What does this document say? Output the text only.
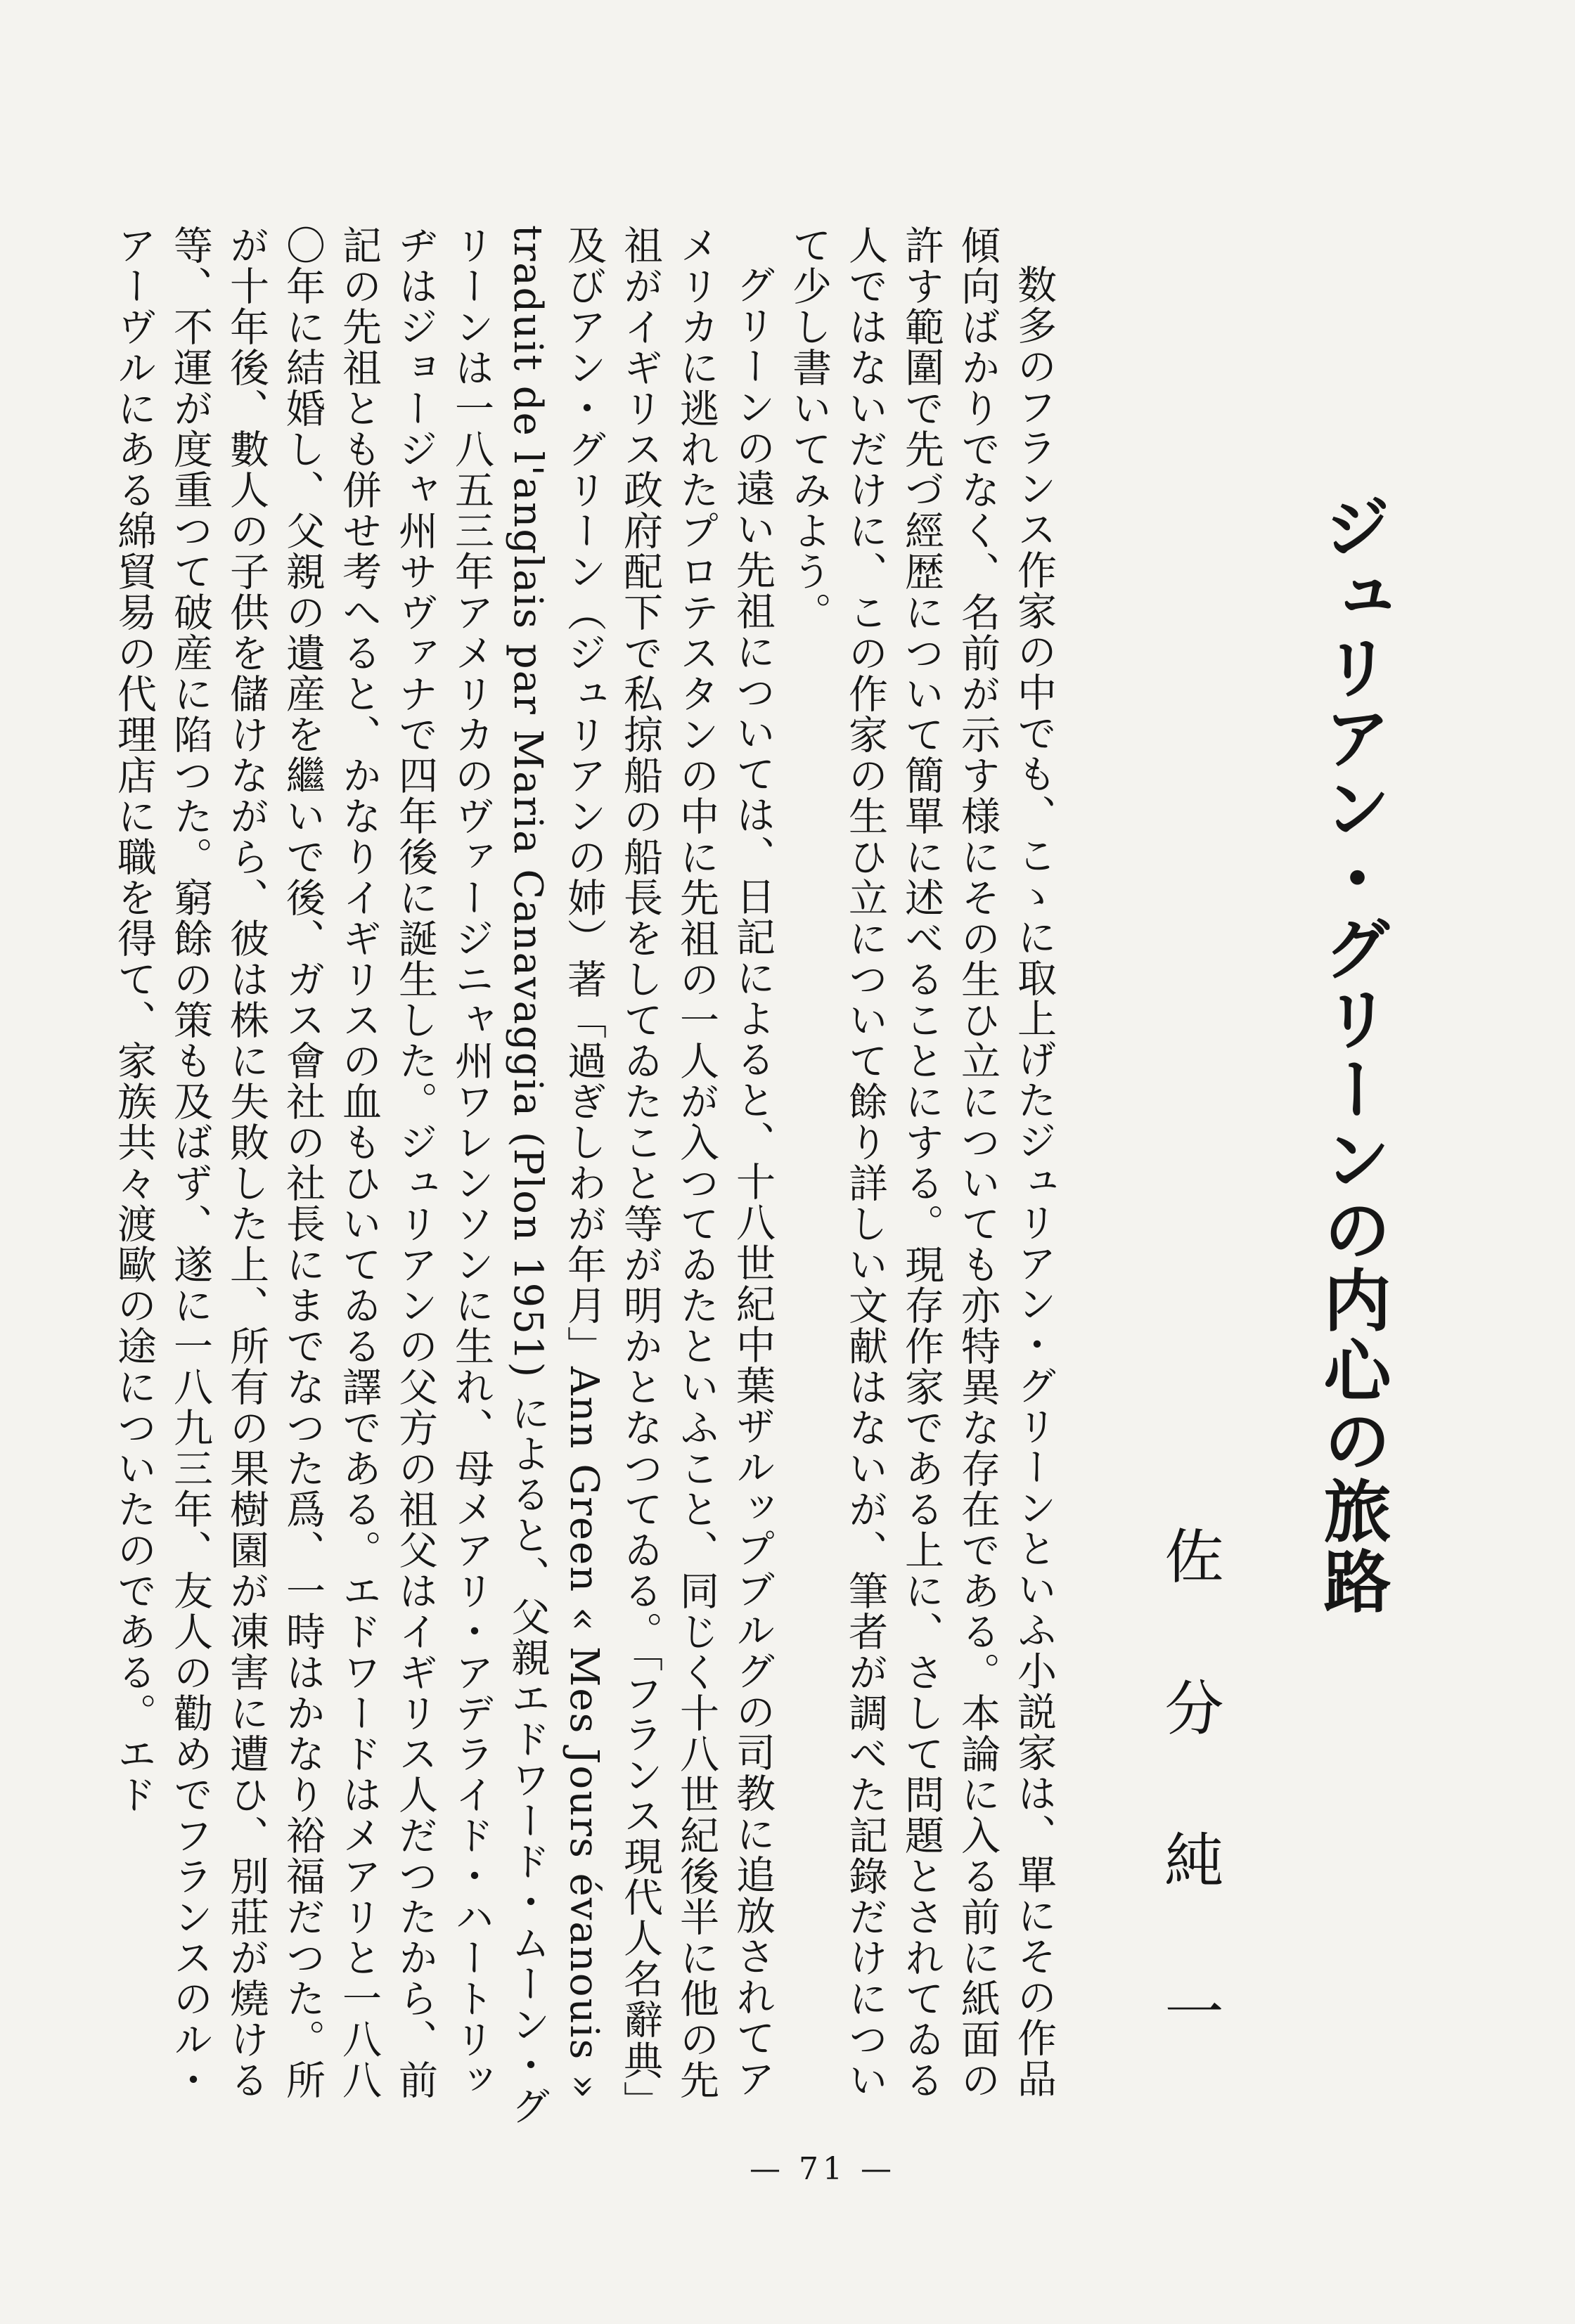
ジュリアン・グリーンの内心の旅路
佐分純一

数多のフランス作家の中でも、こゝに取上げたジュリアン・グリーンといふ小説家は、單にその作品傾向ばかりでなく、名前が示す様にその生ひ立についても亦特異な存在である。本論に入る前に紙面の許す範圍で先づ經歴について簡單に述べることにする。現存作家である上に、さして問題とされてゐる人ではないだけに、この作家の生ひ立について餘り詳しい文献はないが、筆者が調べた記錄だけについて少し書いてみよう。

グリーンの遠い先祖については、日記によると、十八世紀中葉ザルップブルグの司教に追放されてアメリカに逃れたプロテスタンの中に先祖の一人が入つてゐたといふこと、同じく十八世紀後半に他の先祖がイギリス政府配下で私掠船の船長をしてゐたこと等が明かとなつてゐる。「フランス現代人名辭典」及びアン・グリーン（ジュリアンの姉）著「過ぎしわが年月」Ann Green « Mes Jours évanouis » traduit de l'anglais par Maria Canavaggia (Plon 1951) によると、父親エドワード・ムーン・グリーンは一八五三年アメリカのヴァージニャ州ワレンソンに生れ、母メアリ・アデライド・ハートリッヂはジョージャ州サヴァナで四年後に誕生した。ジュリアンの父方の祖父はイギリス人だつたから、前記の先祖とも併せ考へると、かなりイギリスの血もひいてゐる譯である。エドワードはメアリと一八八〇年に結婚し、父親の遺産を繼いで後、ガス會社の社長にまでなつた爲、一時はかなり裕福だつた。所が十年後、數人の子供を儲けながら、彼は株に失敗した上、所有の果樹園が凍害に遭ひ、別莊が燒ける等、不運が度重つて破産に陷つた。窮餘の策も及ばず、遂に一八九三年、友人の勸めでフランスのル・アーヴルにある綿貿易の代理店に職を得て、家族共々渡歐の途についたのである。エド

— 71 —
